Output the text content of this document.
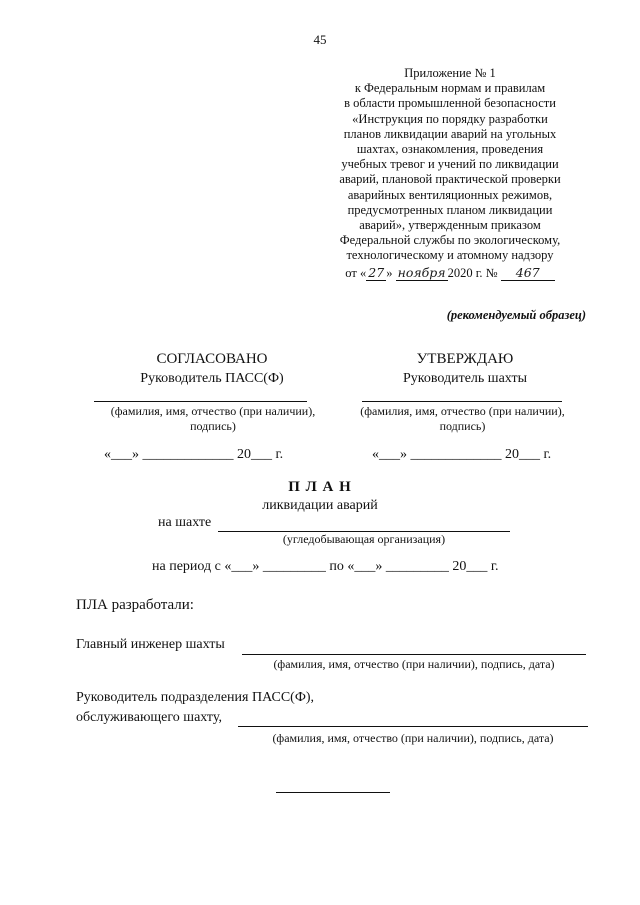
45
Приложение № 1
к Федеральным нормам и правилам
в области промышленной безопасности
«Инструкция по порядку разработки
планов ликвидации аварий на угольных
шахтах, ознакомления, проведения
учебных тревог и учений по ликвидации
аварий, плановой практической проверки
аварийных вентиляционных режимов,
предусмотренных планом ликвидации
аварий», утвержденным приказом
Федеральной службы по экологическому,
технологическому и атомному надзору
от « 27 » ноября 2020 г. № 467
(рекомендуемый образец)
СОГЛАСОВАНО
Руководитель ПАСС(Ф)
(фамилия, имя, отчество (при наличии),
подпись)
«___» _____________ 20___ г.
УТВЕРЖДАЮ
Руководитель шахты
(фамилия, имя, отчество (при наличии),
подпись)
«___» _____________ 20___ г.
П Л А Н
ликвидации аварий
на шахте
(угледобывающая организация)
на период с «___» _________ по «___» _________ 20___ г.
ПЛА разработали:
Главный инженер шахты
(фамилия, имя, отчество (при наличии), подпись, дата)
Руководитель подразделения ПАСС(Ф),
обслуживающего шахту,
(фамилия, имя, отчество (при наличии), подпись, дата)
